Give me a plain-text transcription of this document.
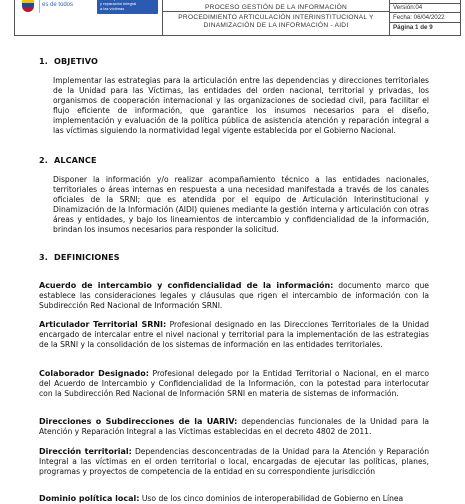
es de todos	
y reparación integral
a las víctimas	PROCESO GESTIÓN DE LA INFORMACIÓN
PROCEDIMIENTO ARTICULACIÓN INTERINSTITUCIONAL Y DINAMIZACIÓN DE LA INFORMACIÓN - AIDI
Versión:04
Fecha: 06/04/2022
Página 1 de 9
1. OBJETIVO
Implementar las estrategias para la articulación entre las dependencias y direcciones territoriales de la Unidad para las Víctimas, las entidades del orden nacional, territorial y privadas, los organismos de cooperación internacional y las organizaciones de sociedad civil, para facilitar el flujo eficiente de información, que garantice los insumos necesarios para el diseño, implementación y evaluación de la política pública de asistencia atención y reparación integral a las víctimas siguiendo la normatividad legal vigente establecida por el Gobierno Nacional.
2. ALCANCE
Disponer la información y/o realizar acompañamiento técnico a las entidades nacionales, territoriales o áreas internas en respuesta a una necesidad manifestada a través de los canales oficiales de la SRNI; que es atendida por el equipo de Articulación Interinstitucional y Dinamización de la Información (AIDI) quienes mediante la gestión interna y articulación con otras áreas y entidades, y bajo los lineamientos de intercambio y confidencialidad de la información, brindan los insumos necesarios para responder la solicitud.
3. DEFINICIONES
Acuerdo de intercambio y confidencialidad de la información: documento marco que establece las consideraciones legales y cláusulas que rigen el intercambio de información con la Subdirección Red Nacional de Información SRNI.
Articulador Territorial SRNI: Profesional designado en las Direcciones Territoriales de la Unidad encargado de intercalar entre el nivel nacional y territorial para la implementación de las estrategias de la SRNI y la consolidación de los sistemas de información en las entidades territoriales.
Colaborador Designado: Profesional delegado por la Entidad Territorial o Nacional, en el marco del Acuerdo de Intercambio y Confidencialidad de la Información, con la potestad para interlocutar con la Subdirección Red Nacional de Información SRNI en materia de sistemas de información.
Direcciones o Subdirecciones de la UARIV: dependencias funcionales de la Unidad para la Atención y Reparación Integral a las Víctimas establecidas en el decreto 4802 de 2011.
Dirección territorial: Dependencias desconcentradas de la Unidad para la Atención y Reparación Integral a las víctimas en el orden territorial o local, encargadas de ejecutar las políticas, planes, programas y proyectos de competencia de la entidad en su correspondiente jurisdicción
Dominio política local: Uso de los cinco dominios de interoperabilidad de Gobierno en Línea
